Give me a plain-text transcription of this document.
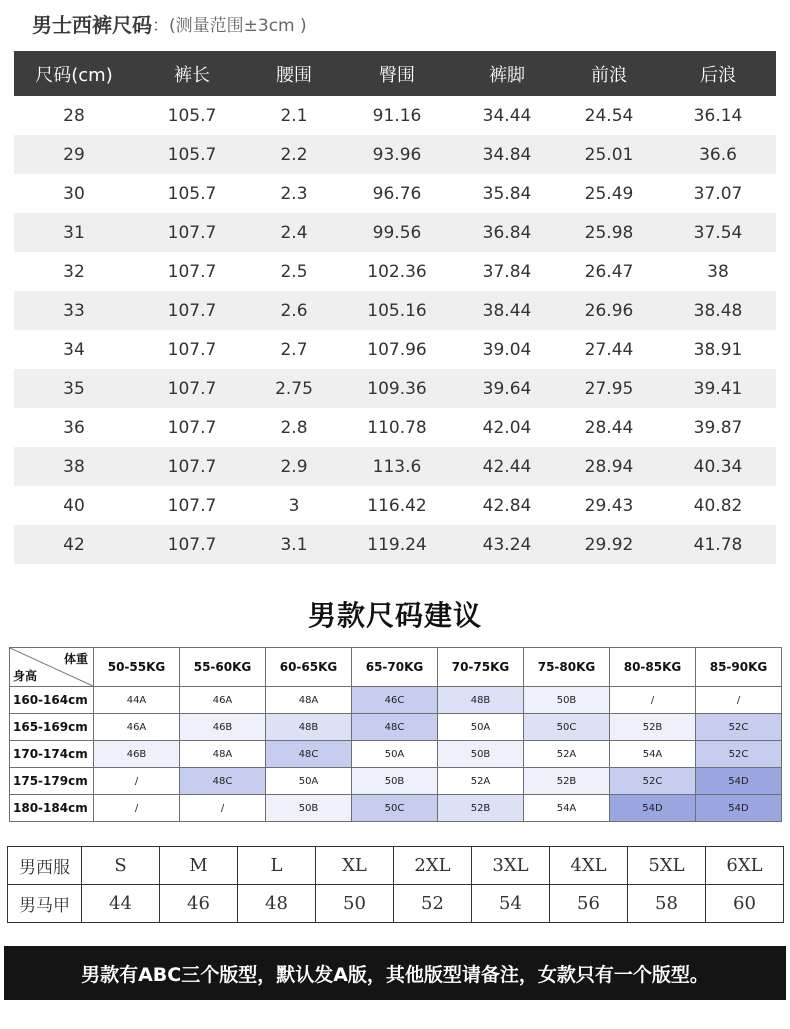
男士西裤尺码 ：(测量范围±3cm )
尺码(cm)	裤长	腰围	臀围	裤脚	前浪	后浪
28	105.7	2.1	91.16	34.44	24.54	36.14
29	105.7	2.2	93.96	34.84	25.01	36.6
30	105.7	2.3	96.76	35.84	25.49	37.07
31	107.7	2.4	99.56	36.84	25.98	37.54
32	107.7	2.5	102.36	37.84	26.47	38
33	107.7	2.6	105.16	38.44	26.96	38.48
34	107.7	2.7	107.96	39.04	27.44	38.91
35	107.7	2.75	109.36	39.64	27.95	39.41
36	107.7	2.8	110.78	42.04	28.44	39.87
38	107.7	2.9	113.6	42.44	28.94	40.34
40	107.7	3	116.42	42.84	29.43	40.82
42	107.7	3.1	119.24	43.24	29.92	41.78
男款尺码建议
体重
身高	50-55KG	55-60KG	60-65KG	65-70KG	70-75KG	75-80KG	80-85KG	85-90KG
160-164cm	44A	46A	48A	46C	48B	50B	/	/
165-169cm	46A	46B	48B	48C	50A	50C	52B	52C
170-174cm	46B	48A	48C	50A	50B	52A	54A	52C
175-179cm	/	48C	50A	50B	52A	52B	52C	54D
180-184cm	/	/	50B	50C	52B	54A	54D	54D
男西服	S	M	L	XL	2XL	3XL	4XL	5XL	6XL
男马甲	44	46	48	50	52	54	56	58	60
男款有ABC三个版型，默认发A版，其他版型请备注，女款只有一个版型。
